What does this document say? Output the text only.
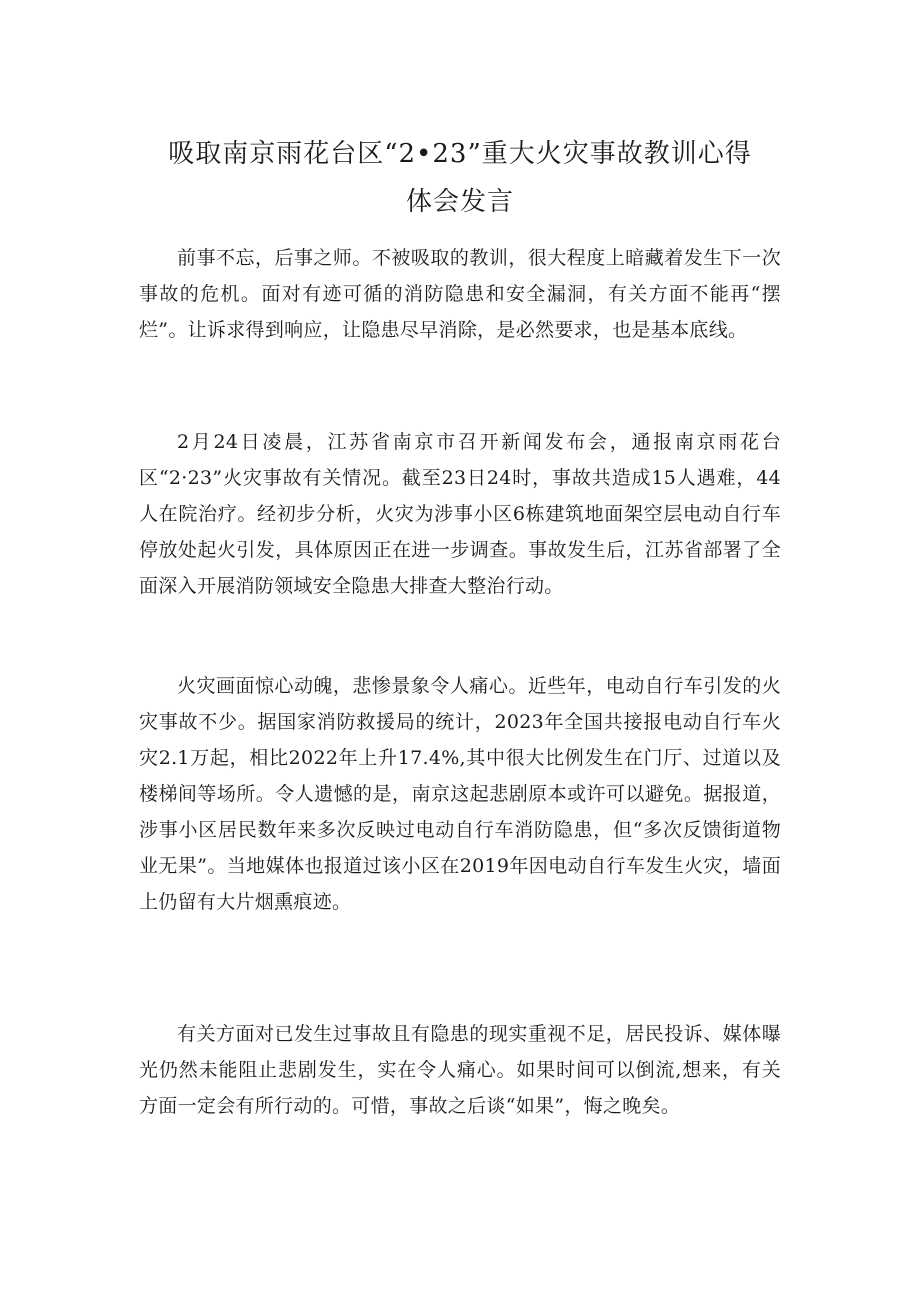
吸取南京雨花台区“2•23”重大火灾事故教训心得
体会发言

前事不忘，后事之师。不被吸取的教训，很大程度上暗藏着发生下一次事故的危机。面对有迹可循的消防隐患和安全漏洞，有关方面不能再“摆烂”。让诉求得到响应，让隐患尽早消除，是必然要求，也是基本底线。

2月24日凌晨，江苏省南京市召开新闻发布会，通报南京雨花台区“2·23”火灾事故有关情况。截至23日24时，事故共造成15人遇难，44人在院治疗。经初步分析，火灾为涉事小区6栋建筑地面架空层电动自行车停放处起火引发，具体原因正在进一步调查。事故发生后，江苏省部署了全面深入开展消防领域安全隐患大排查大整治行动。

火灾画面惊心动魄，悲惨景象令人痛心。近些年，电动自行车引发的火灾事故不少。据国家消防救援局的统计，2023年全国共接报电动自行车火灾2.1万起，相比2022年上升17.4%,其中很大比例发生在门厅、过道以及楼梯间等场所。令人遗憾的是，南京这起悲剧原本或许可以避免。据报道，涉事小区居民数年来多次反映过电动自行车消防隐患，但“多次反馈街道物业无果”。当地媒体也报道过该小区在2019年因电动自行车发生火灾，墙面上仍留有大片烟熏痕迹。

有关方面对已发生过事故且有隐患的现实重视不足，居民投诉、媒体曝光仍然未能阻止悲剧发生，实在令人痛心。如果时间可以倒流,想来，有关方面一定会有所行动的。可惜，事故之后谈“如果”，悔之晚矣。
